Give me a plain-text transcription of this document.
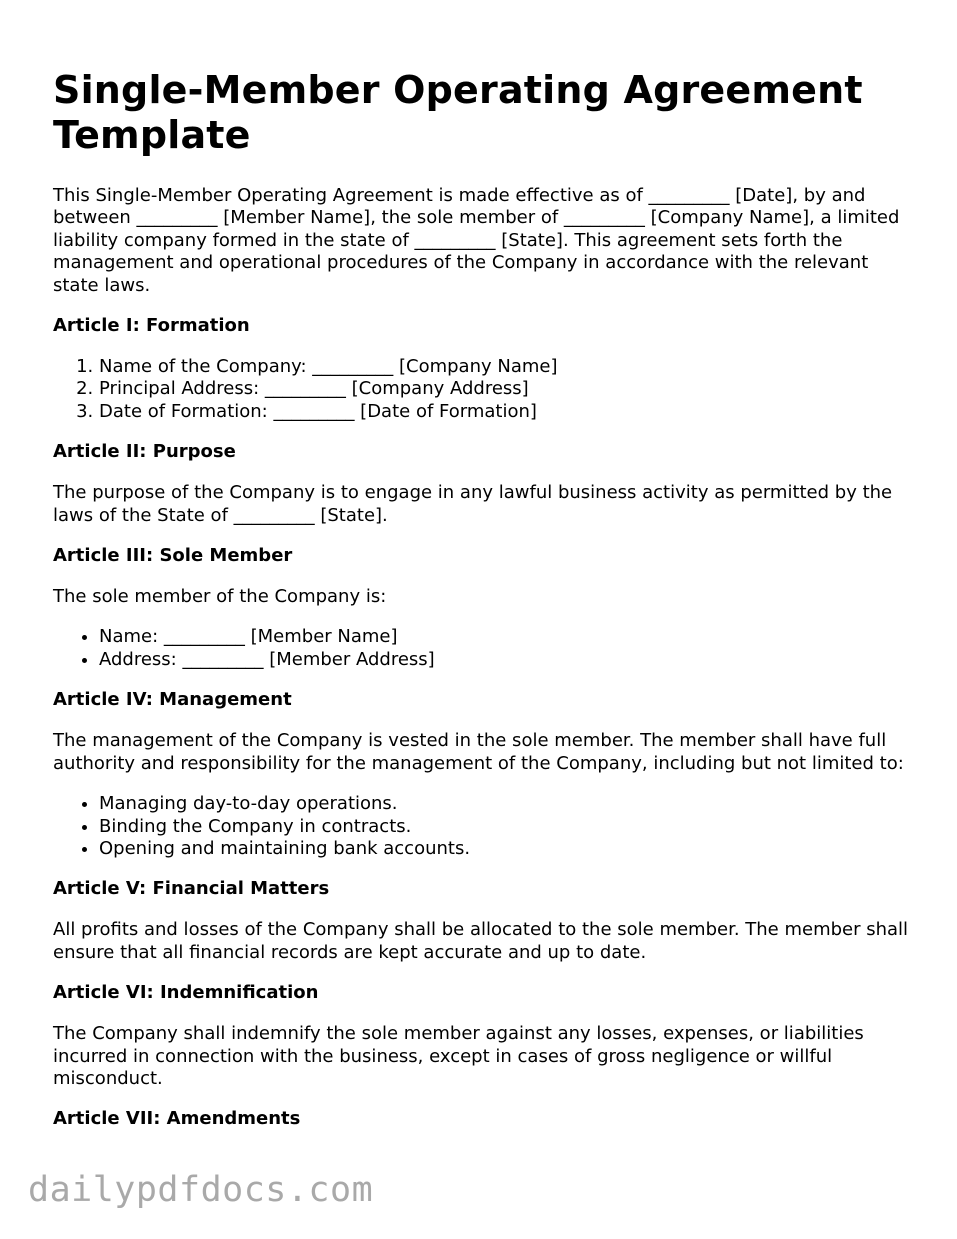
Single-Member Operating Agreement Template

This Single-Member Operating Agreement is made effective as of _________ [Date], by and between _________ [Member Name], the sole member of _________ [Company Name], a limited liability company formed in the state of _________ [State]. This agreement sets forth the management and operational procedures of the Company in accordance with the relevant state laws.

Article I: Formation
1. Name of the Company: _________ [Company Name]
2. Principal Address: _________ [Company Address]
3. Date of Formation: _________ [Date of Formation]
Article II: Purpose

The purpose of the Company is to engage in any lawful business activity as permitted by the laws of the State of _________ [State].

Article III: Sole Member

The sole member of the Company is:

• Name: _________ [Member Name]
• Address: _________ [Member Address]
Article IV: Management

The management of the Company is vested in the sole member. The member shall have full authority and responsibility for the management of the Company, including but not limited to:

• Managing day-to-day operations.
• Binding the Company in contracts.
• Opening and maintaining bank accounts.
Article V: Financial Matters

All profits and losses of the Company shall be allocated to the sole member. The member shall ensure that all financial records are kept accurate and up to date.

Article VI: Indemnification

The Company shall indemnify the sole member against any losses, expenses, or liabilities incurred in connection with the business, except in cases of gross negligence or willful misconduct.

Article VII: Amendments
dailypdfdocs.com
